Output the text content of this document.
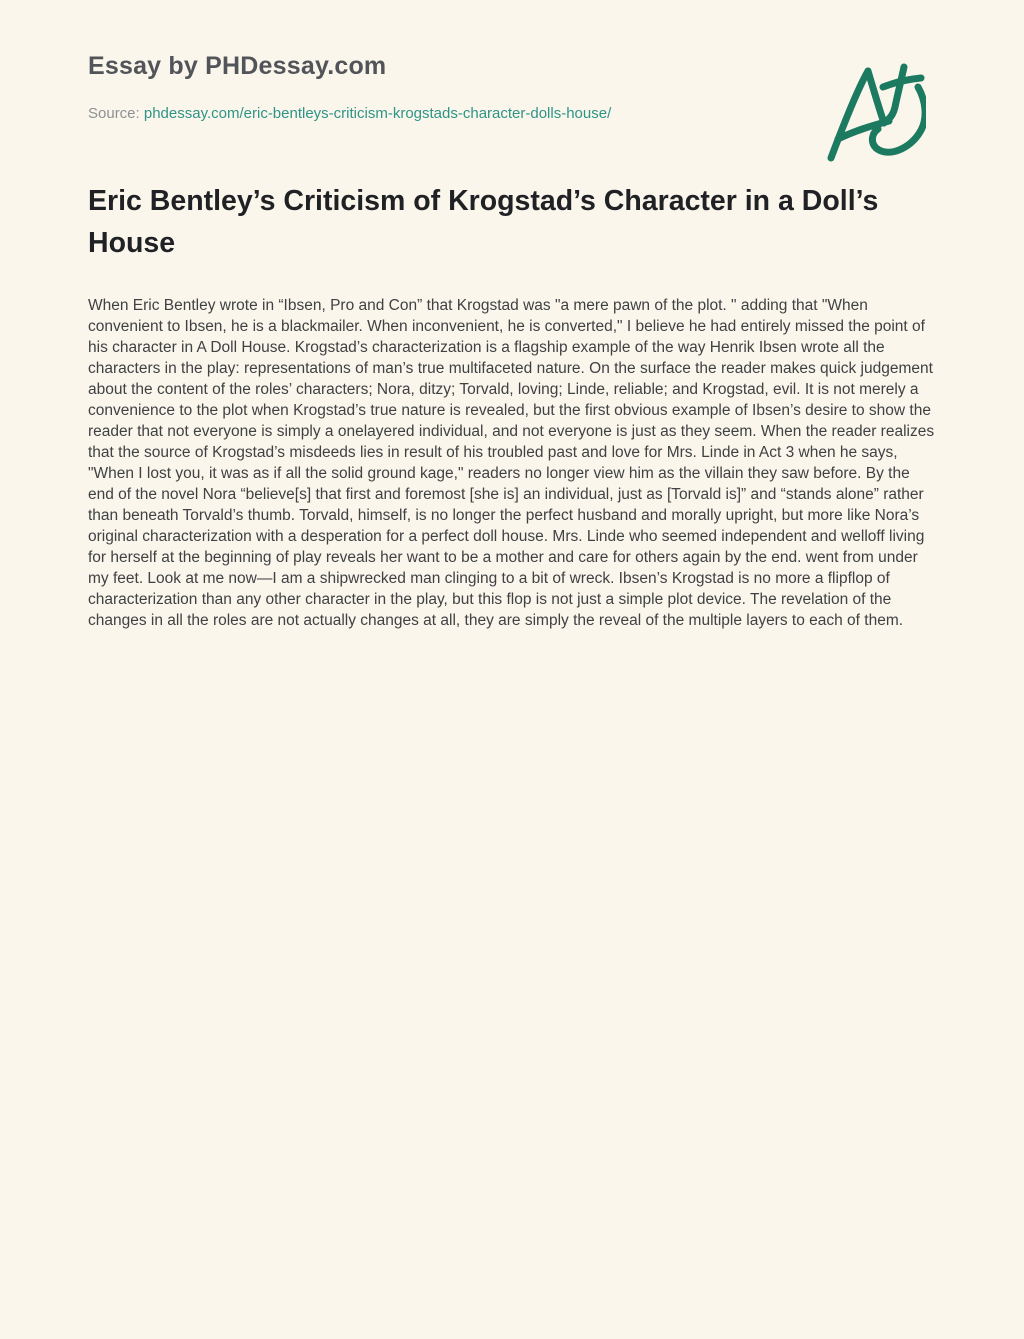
Essay by PHDessay.com
Source: phdessay.com/eric-bentleys-criticism-krogstads-character-dolls-house/
Eric Bentley’s Criticism of Krogstad’s Character in a Doll’s House

When Eric Bentley wrote in “Ibsen, Pro and Con” that Krogstad was "a mere pawn of the plot. " adding that "When convenient to Ibsen, he is a blackmailer. When inconvenient, he is converted," I believe he had entirely missed the point of his character in A Doll House. Krogstad’s characterization is a flagship example of the way Henrik Ibsen wrote all the characters in the play: representations of man’s true multifaceted nature. On the surface the reader makes quick judgement about the content of the roles’ characters; Nora, ditzy; Torvald, loving; Linde, reliable; and Krogstad, evil. It is not merely a convenience to the plot when Krogstad’s true nature is revealed, but the first obvious example of Ibsen’s desire to show the reader that not everyone is simply a onelayered individual, and not everyone is just as they seem. When the reader realizes that the source of Krogstad’s misdeeds lies in result of his troubled past and love for Mrs. Linde in Act 3 when he says, "When I lost you, it was as if all the solid ground kage," readers no longer view him as the villain they saw before. By the end of the novel Nora “believe[s] that first and foremost [she is] an individual, just as [Torvald is]” and “stands alone” rather than beneath Torvald’s thumb. Torvald, himself, is no longer the perfect husband and morally upright, but more like Nora’s original characterization with a desperation for a perfect doll house. Mrs. Linde who seemed independent and welloff living for herself at the beginning of play reveals her want to be a mother and care for others again by the end. went from under my feet. Look at me now—I am a shipwrecked man clinging to a bit of wreck. Ibsen’s Krogstad is no more a flipflop of characterization than any other character in the play, but this flop is not just a simple plot device. The revelation of the changes in all the roles are not actually changes at all, they are simply the reveal of the multiple layers to each of them.
